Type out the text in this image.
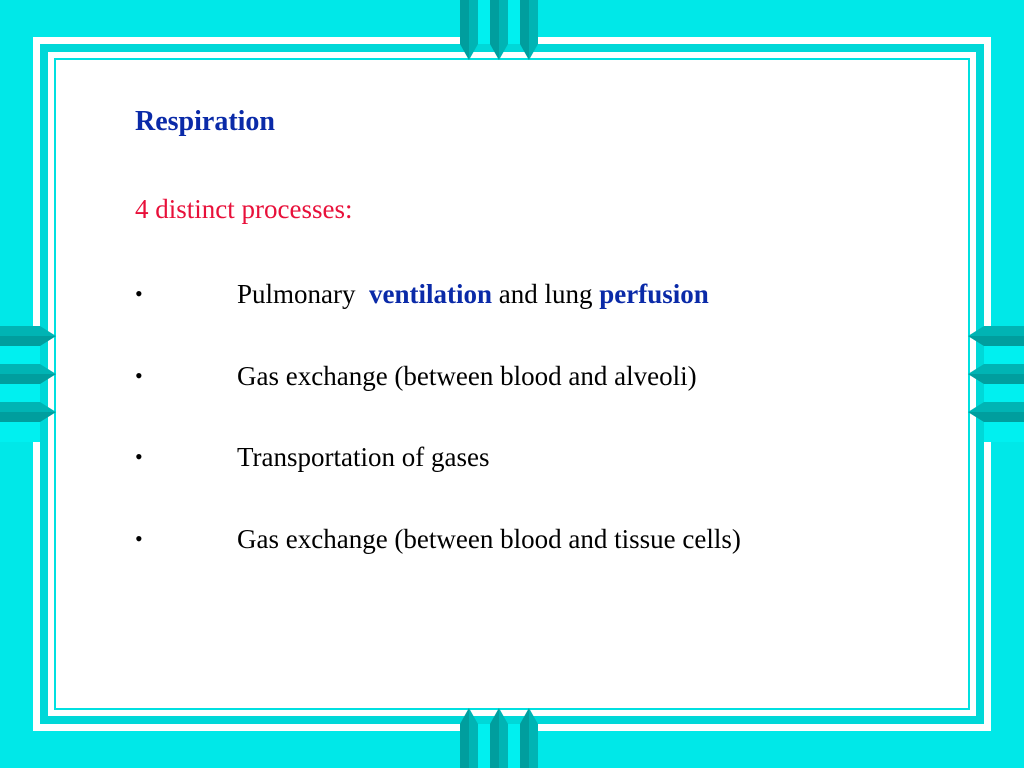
Respiration
4 distinct processes:
•	Pulmonary  ventilation and lung perfusion
•	Gas exchange (between blood and alveoli)
•	Transportation of gases
•	Gas exchange (between blood and tissue cells)
